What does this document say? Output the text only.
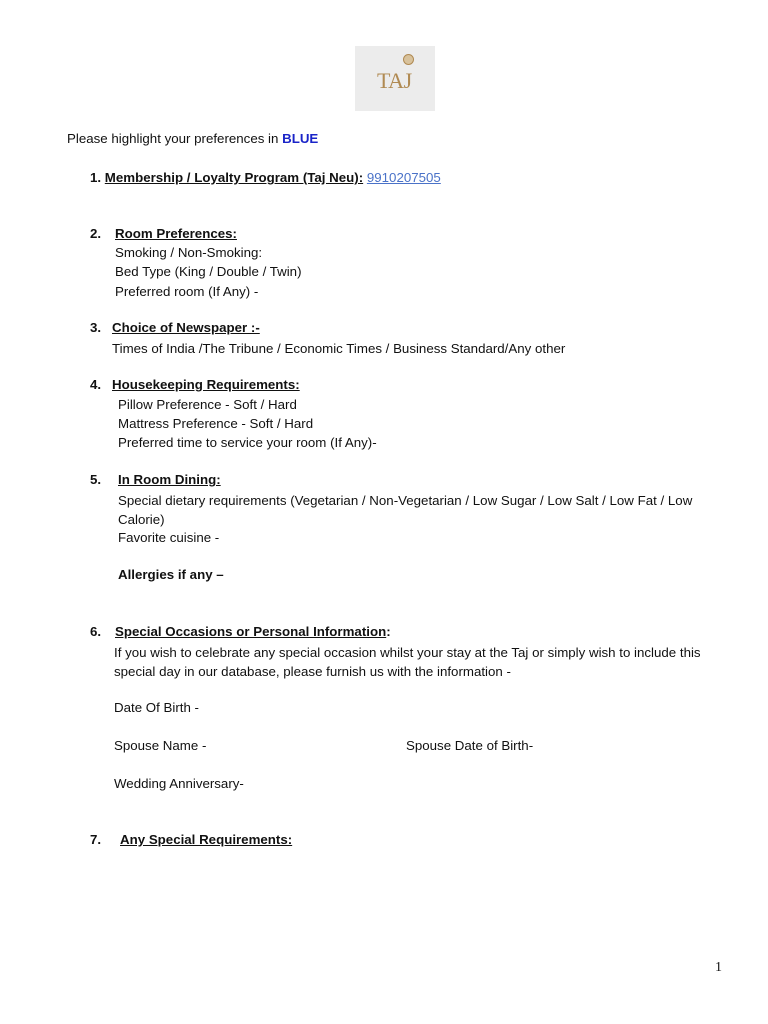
TAJ
Please highlight your preferences in BLUE
1. Membership / Loyalty Program (Taj Neu): 9910207505
2. Room Preferences:
Smoking / Non-Smoking:
Bed Type (King / Double / Twin)
Preferred room (If Any) -
3. Choice of Newspaper :-
Times of India /The Tribune / Economic Times / Business Standard/Any other
4. Housekeeping Requirements:
Pillow Preference - Soft / Hard
Mattress Preference - Soft / Hard
Preferred time to service your room (If Any)-
5. In Room Dining:
Special dietary requirements (Vegetarian / Non-Vegetarian / Low Sugar / Low Salt / Low Fat / Low Calorie)
Favorite cuisine -
Allergies if any –
6. Special Occasions or Personal Information:
If you wish to celebrate any special occasion whilst your stay at the Taj or simply wish to include this special day in our database, please furnish us with the information -
Date Of Birth -
Spouse Name -	Spouse Date of Birth-
Wedding Anniversary-
7. Any Special Requirements:
1
